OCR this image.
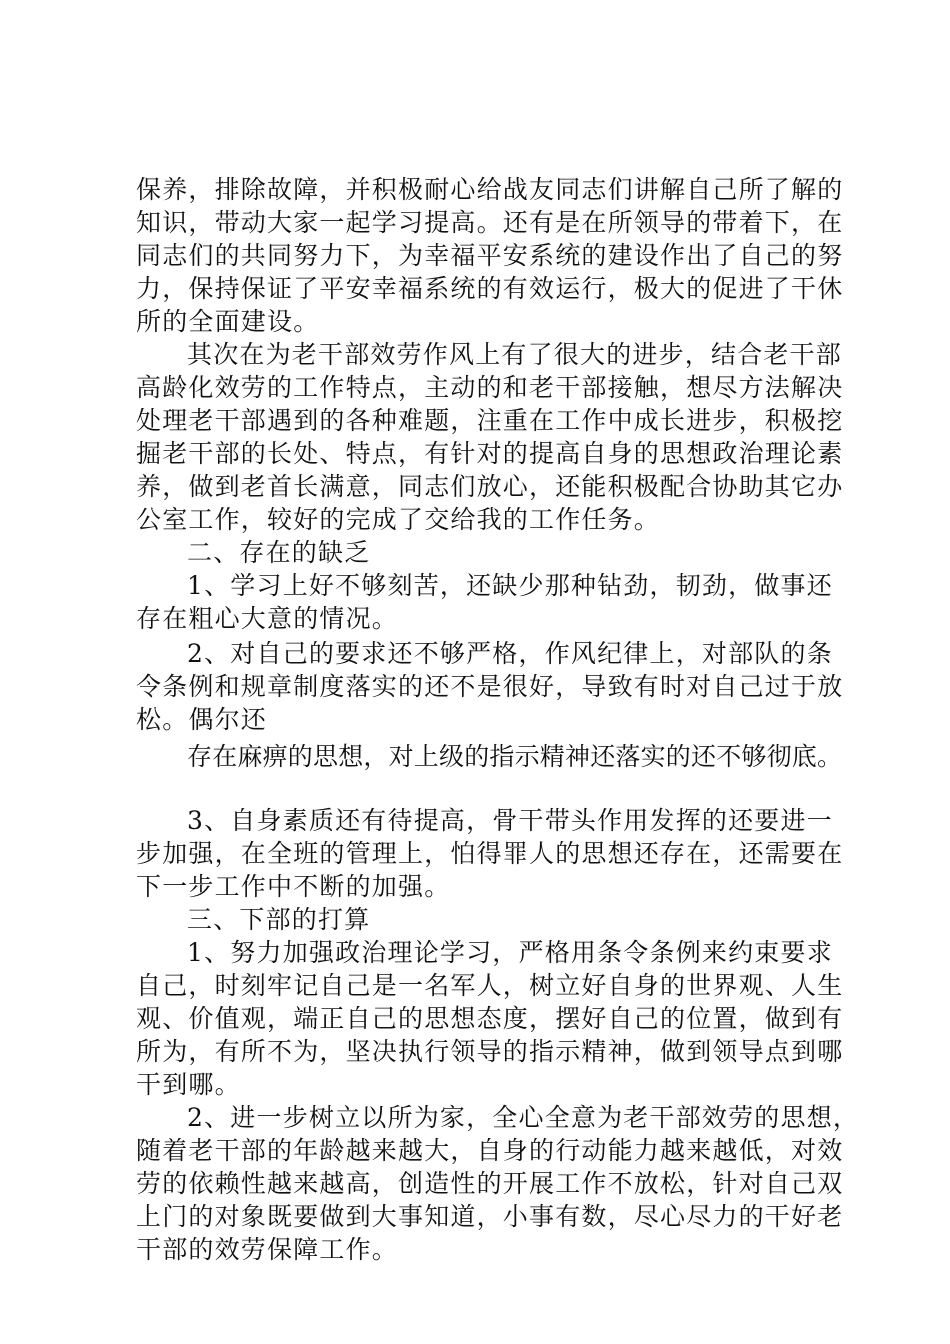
保养，排除故障，并积极耐心给战友同志们讲解自己所了解的
知识，带动大家一起学习提高。还有是在所领导的带着下，在
同志们的共同努力下，为幸福平安系统的建设作出了自己的努
力，保持保证了平安幸福系统的有效运行，极大的促进了干休
所的全面建设。
其次在为老干部效劳作风上有了很大的进步，结合老干部
高龄化效劳的工作特点，主动的和老干部接触，想尽方法解决
处理老干部遇到的各种难题，注重在工作中成长进步，积极挖
掘老干部的长处、特点，有针对的提高自身的思想政治理论素
养，做到老首长满意，同志们放心，还能积极配合协助其它办
公室工作，较好的完成了交给我的工作任务。
二、存在的缺乏
1、学习上好不够刻苦，还缺少那种钻劲，韧劲，做事还
存在粗心大意的情况。
2、对自己的要求还不够严格，作风纪律上，对部队的条
令条例和规章制度落实的还不是很好，导致有时对自己过于放
松。偶尔还
存在麻痹的思想，对上级的指示精神还落实的还不够彻底。
3、自身素质还有待提高，骨干带头作用发挥的还要进一
步加强，在全班的管理上，怕得罪人的思想还存在，还需要在
下一步工作中不断的加强。
三、下部的打算
1、努力加强政治理论学习，严格用条令条例来约束要求
自己，时刻牢记自己是一名军人，树立好自身的世界观、人生
观、价值观，端正自己的思想态度，摆好自己的位置，做到有
所为，有所不为，坚决执行领导的指示精神，做到领导点到哪
干到哪。
2、进一步树立以所为家，全心全意为老干部效劳的思想，
随着老干部的年龄越来越大，自身的行动能力越来越低，对效
劳的依赖性越来越高，创造性的开展工作不放松，针对自己双
上门的对象既要做到大事知道，小事有数，尽心尽力的干好老
干部的效劳保障工作。
